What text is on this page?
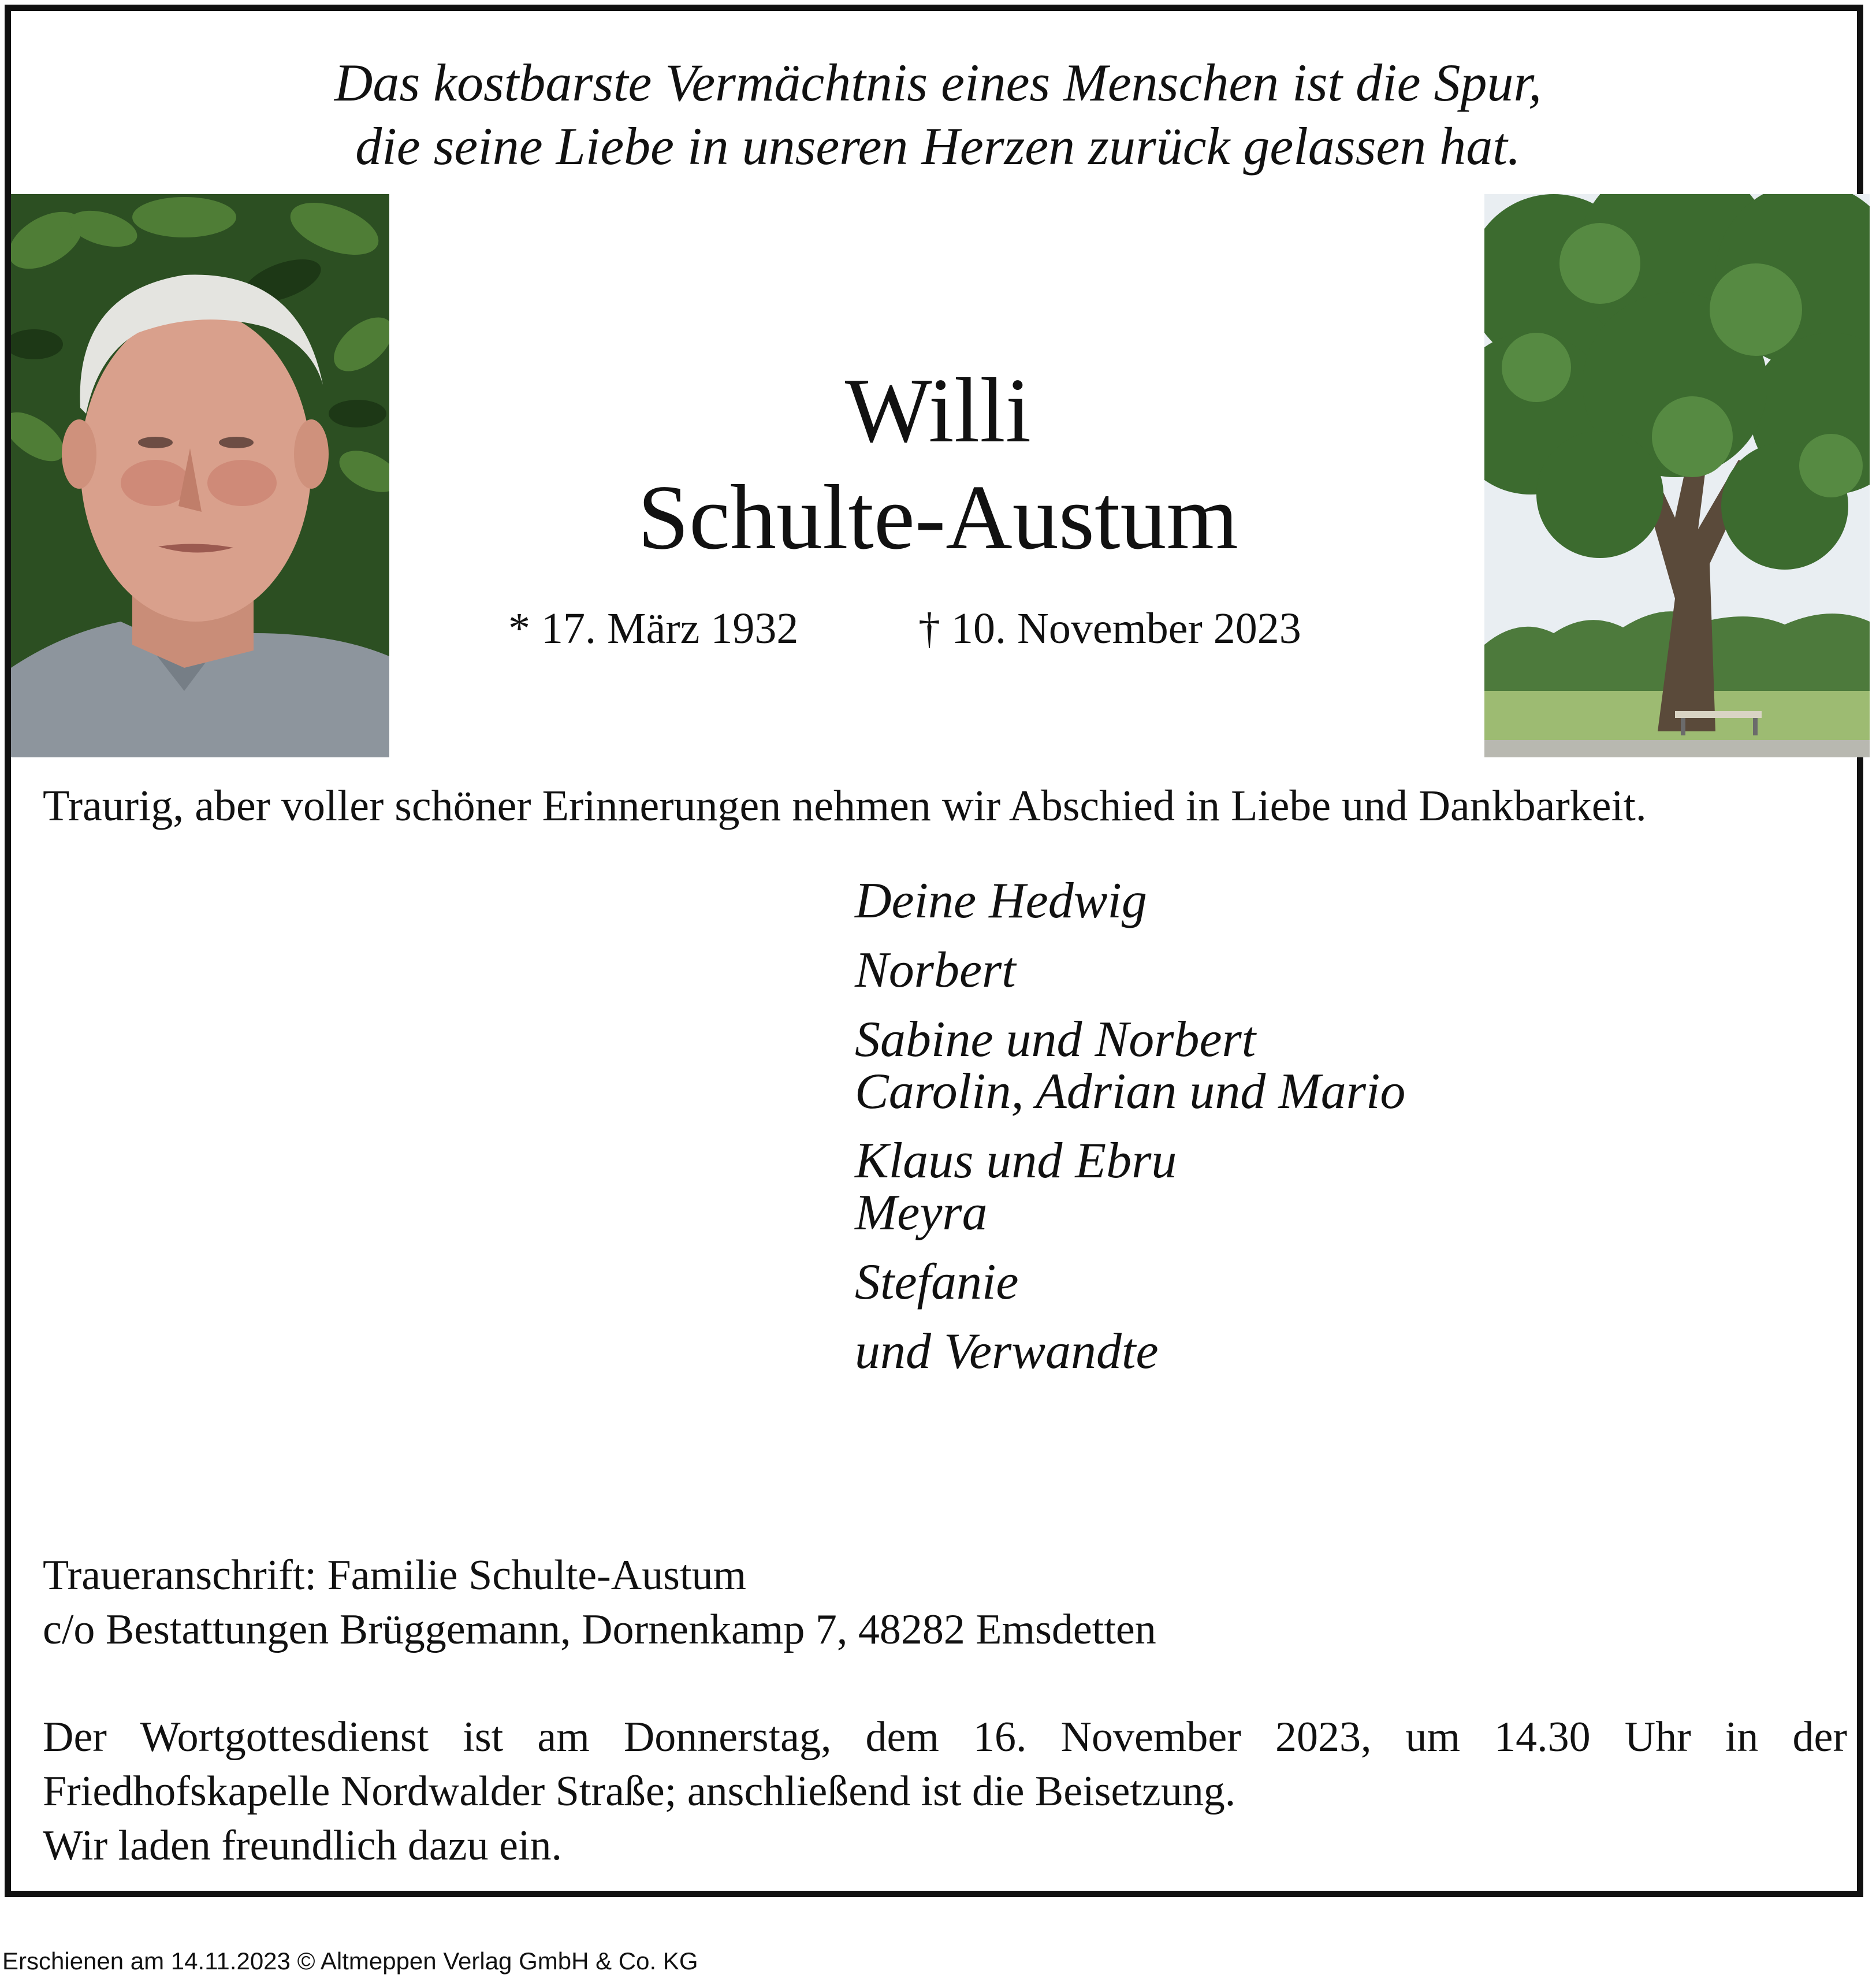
Das kostbarste Vermächtnis eines Menschen ist die Spur,
die seine Liebe in unseren Herzen zurück gelassen hat.
Willi
Schulte-Austum
* 17. März 1932	† 10. November 2023
Traurig, aber voller schöner Erinnerungen nehmen wir Abschied in Liebe und Dankbarkeit.
Deine Hedwig
Norbert
Sabine und Norbert
Carolin, Adrian und Mario
Klaus und Ebru
Meyra
Stefanie
und Verwandte
Traueranschrift: Familie Schulte-Austum
c/o Bestattungen Brüggemann, Dornenkamp 7, 48282 Emsdetten
Der Wortgottesdienst ist am Donnerstag, dem 16. November 2023, um 14.30 Uhr in der
Friedhofskapelle Nordwalder Straße; anschließend ist die Beisetzung.
Wir laden freundlich dazu ein.
Erschienen am 14.11.2023 © Altmeppen Verlag GmbH & Co. KG
